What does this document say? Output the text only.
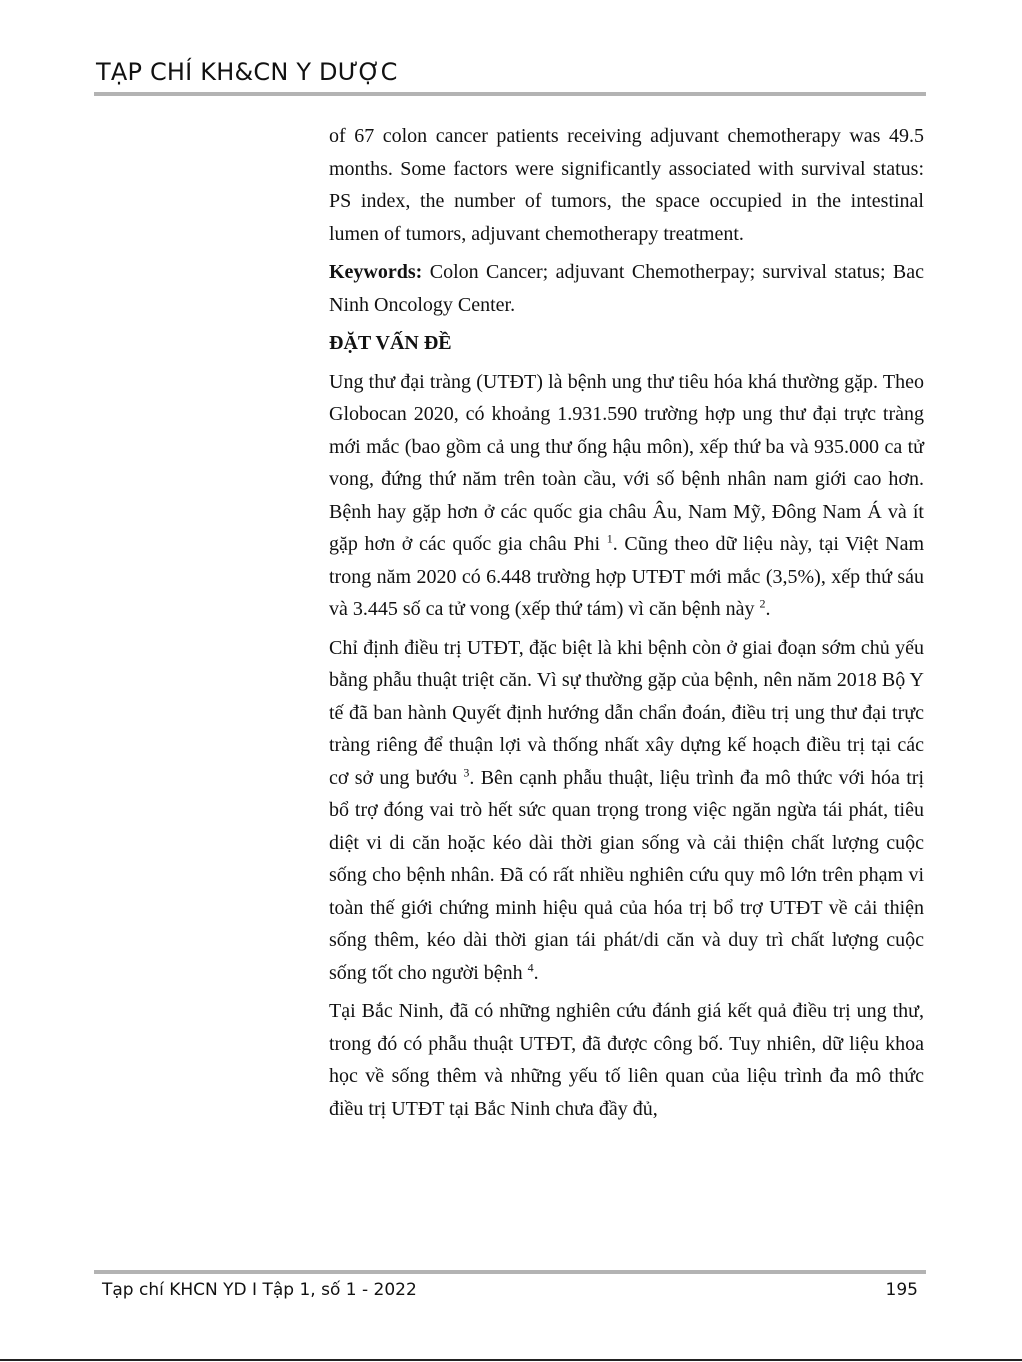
TẠP CHÍ KH&CN Y DƯỢC

of 67 colon cancer patients receiving adjuvant chemotherapy was 49.5 months. Some factors were significantly associated with survival status: PS index, the number of tumors, the space occupied in the intestinal lumen of tumors, adjuvant chemotherapy treatment.

Keywords: Colon Cancer; adjuvant Chemotherpay; survival status; Bac Ninh Oncology Center.

ĐẶT VẤN ĐỀ

Ung thư đại tràng (UTĐT) là bệnh ung thư tiêu hóa khá thường gặp. Theo Globocan 2020, có khoảng 1.931.590 trường hợp ung thư đại trực tràng mới mắc (bao gồm cả ung thư ống hậu môn), xếp thứ ba và 935.000 ca tử vong, đứng thứ năm trên toàn cầu, với số bệnh nhân nam giới cao hơn. Bệnh hay gặp hơn ở các quốc gia châu Âu, Nam Mỹ, Đông Nam Á và ít gặp hơn ở các quốc gia châu Phi $^1$. Cũng theo dữ liệu này, tại Việt Nam trong năm 2020 có 6.448 trường hợp UTĐT mới mắc (3,5%), xếp thứ sáu và 3.445 số ca tử vong (xếp thứ tám) vì căn bệnh này $^2$.

Chỉ định điều trị UTĐT, đặc biệt là khi bệnh còn ở giai đoạn sớm chủ yếu bằng phẫu thuật triệt căn. Vì sự thường gặp của bệnh, nên năm 2018 Bộ Y tế đã ban hành Quyết định hướng dẫn chẩn đoán, điều trị ung thư đại trực tràng riêng để thuận lợi và thống nhất xây dựng kế hoạch điều trị tại các cơ sở ung bướu $^3$. Bên cạnh phẫu thuật, liệu trình đa mô thức với hóa trị bổ trợ đóng vai trò hết sức quan trọng trong việc ngăn ngừa tái phát, tiêu diệt vi di căn hoặc kéo dài thời gian sống và cải thiện chất lượng cuộc sống cho bệnh nhân. Đã có rất nhiều nghiên cứu quy mô lớn trên phạm vi toàn thế giới chứng minh hiệu quả của hóa trị bổ trợ UTĐT về cải thiện sống thêm, kéo dài thời gian tái phát/di căn và duy trì chất lượng cuộc sống tốt cho người bệnh $^4$.

Tại Bắc Ninh, đã có những nghiên cứu đánh giá kết quả điều trị ung thư, trong đó có phẫu thuật UTĐT, đã được công bố. Tuy nhiên, dữ liệu khoa học về sống thêm và những yếu tố liên quan của liệu trình đa mô thức điều trị UTĐT tại Bắc Ninh chưa đầy đủ,

Tạp chí KHCN YD I Tập 1, số 1 - 2022	195
